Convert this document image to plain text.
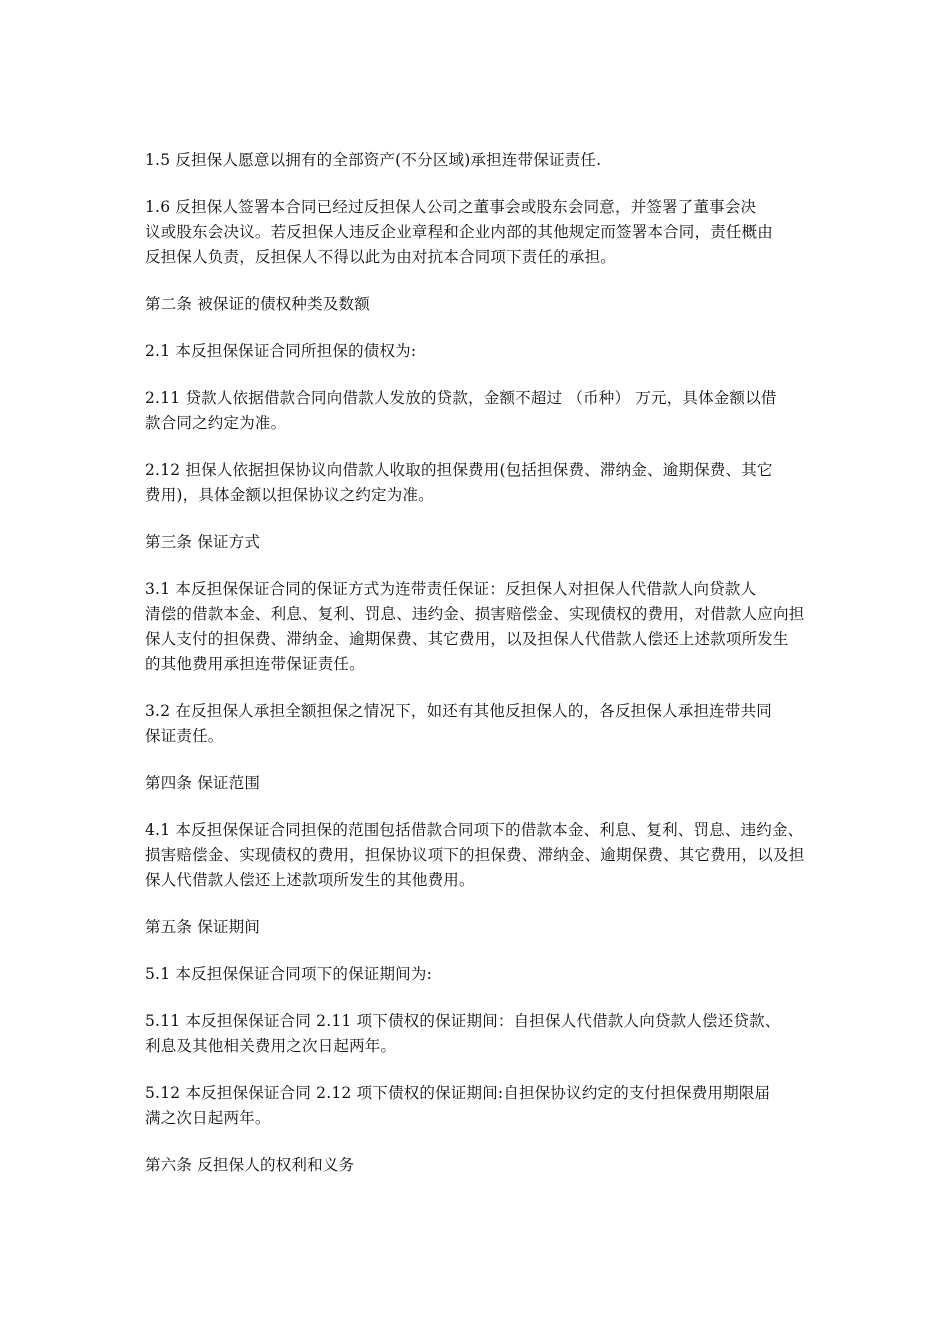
1.5 反担保人愿意以拥有的全部资产(不分区域)承担连带保证责任.

1.6 反担保人签署本合同已经过反担保人公司之董事会或股东会同意，并签署了董事会决
议或股东会决议。若反担保人违反企业章程和企业内部的其他规定而签署本合同，责任概由
反担保人负责，反担保人不得以此为由对抗本合同项下责任的承担。

第二条 被保证的债权种类及数额

2.1 本反担保保证合同所担保的债权为:

2.11 贷款人依据借款合同向借款人发放的贷款，金额不超过 （币种） 万元，具体金额以借
款合同之约定为准。

2.12 担保人依据担保协议向借款人收取的担保费用(包括担保费、滞纳金、逾期保费、其它
费用)，具体金额以担保协议之约定为准。

第三条 保证方式

3.1 本反担保保证合同的保证方式为连带责任保证：反担保人对担保人代借款人向贷款人
清偿的借款本金、利息、复利、罚息、违约金、损害赔偿金、实现债权的费用，对借款人应向担
保人支付的担保费、滞纳金、逾期保费、其它费用，以及担保人代借款人偿还上述款项所发生
的其他费用承担连带保证责任。

3.2 在反担保人承担全额担保之情况下，如还有其他反担保人的，各反担保人承担连带共同
保证责任。

第四条 保证范围

4.1 本反担保保证合同担保的范围包括借款合同项下的借款本金、利息、复利、罚息、违约金、
损害赔偿金、实现债权的费用，担保协议项下的担保费、滞纳金、逾期保费、其它费用，以及担
保人代借款人偿还上述款项所发生的其他费用。

第五条 保证期间

5.1 本反担保保证合同项下的保证期间为:

5.11 本反担保保证合同 2.11 项下债权的保证期间：自担保人代借款人向贷款人偿还贷款、
利息及其他相关费用之次日起两年。

5.12 本反担保保证合同 2.12 项下债权的保证期间:自担保协议约定的支付担保费用期限届
满之次日起两年。

第六条 反担保人的权利和义务
